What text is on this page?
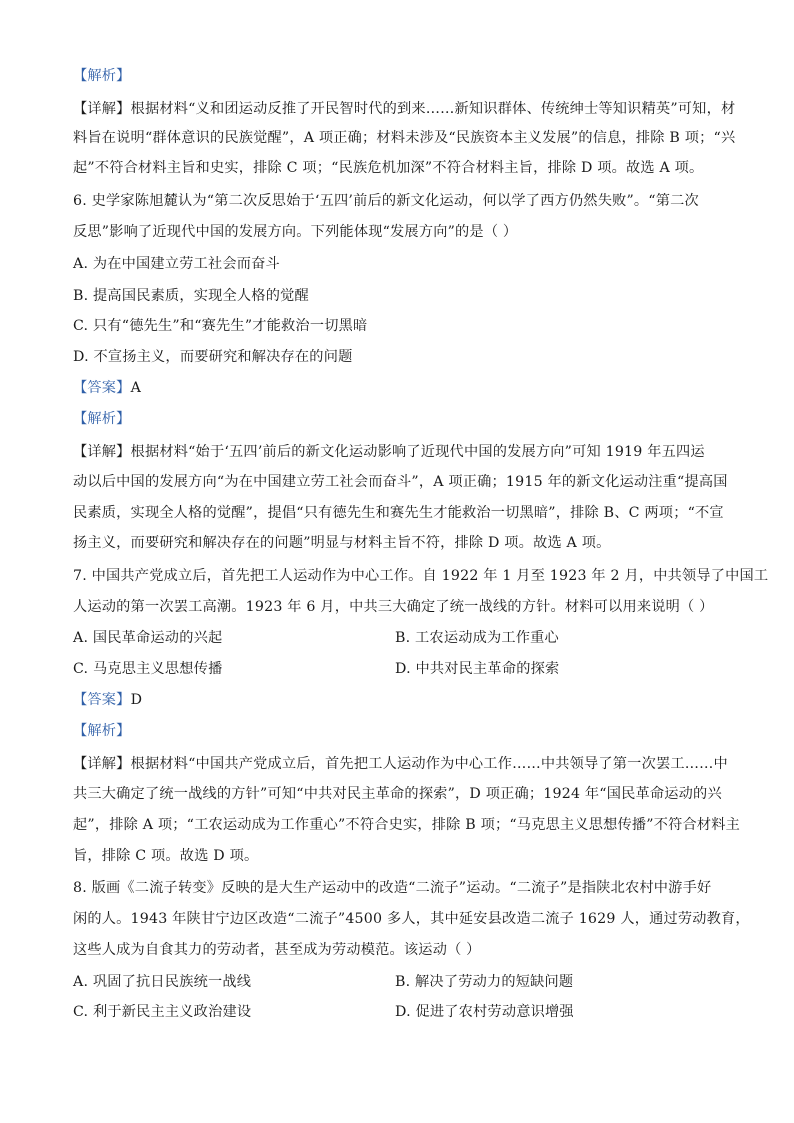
【解析】
【详解】根据材料“义和团运动反推了开民智时代的到来……新知识群体、传统绅士等知识精英”可知，材
料旨在说明“群体意识的民族觉醒”，A 项正确；材料未涉及“民族资本主义发展”的信息，排除 B 项；“兴
起”不符合材料主旨和史实，排除 C 项；“民族危机加深”不符合材料主旨，排除 D 项。故选 A 项。
6. 史学家陈旭麓认为“第二次反思始于‘五四’前后的新文化运动，何以学了西方仍然失败”。“第二次
反思”影响了近现代中国的发展方向。下列能体现“发展方向”的是（ ）
A. 为在中国建立劳工社会而奋斗
B. 提高国民素质，实现全人格的觉醒
C. 只有“德先生”和“赛先生”才能救治一切黑暗
D. 不宣扬主义，而要研究和解决存在的问题
【答案】A
【解析】
【详解】根据材料“始于‘五四’前后的新文化运动影响了近现代中国的发展方向”可知 1919 年五四运
动以后中国的发展方向“为在中国建立劳工社会而奋斗”，A 项正确；1915 年的新文化运动注重“提高国
民素质，实现全人格的觉醒”，提倡“只有德先生和赛先生才能救治一切黑暗”，排除 B、C 两项；“不宣
扬主义，而要研究和解决存在的问题”明显与材料主旨不符，排除 D 项。故选 A 项。
7. 中国共产党成立后，首先把工人运动作为中心工作。自 1922 年 1 月至 1923 年 2 月，中共领导了中国工
人运动的第一次罢工高潮。1923 年 6 月，中共三大确定了统一战线的方针。材料可以用来说明（ ）
A. 国民革命运动的兴起	B. 工农运动成为工作重心
C. 马克思主义思想传播	D. 中共对民主革命的探索
【答案】D
【解析】
【详解】根据材料“中国共产党成立后，首先把工人运动作为中心工作……中共领导了第一次罢工……中
共三大确定了统一战线的方针”可知“中共对民主革命的探索”，D 项正确；1924 年“国民革命运动的兴
起”，排除 A 项；“工农运动成为工作重心”不符合史实，排除 B 项；“马克思主义思想传播”不符合材料主
旨，排除 C 项。故选 D 项。
8. 版画《二流子转变》反映的是大生产运动中的改造“二流子”运动。“二流子”是指陕北农村中游手好
闲的人。1943 年陕甘宁边区改造“二流子”4500 多人，其中延安县改造二流子 1629 人，通过劳动教育，
这些人成为自食其力的劳动者，甚至成为劳动模范。该运动（ ）
A. 巩固了抗日民族统一战线	B. 解决了劳动力的短缺问题
C. 利于新民主主义政治建设	D. 促进了农村劳动意识增强
